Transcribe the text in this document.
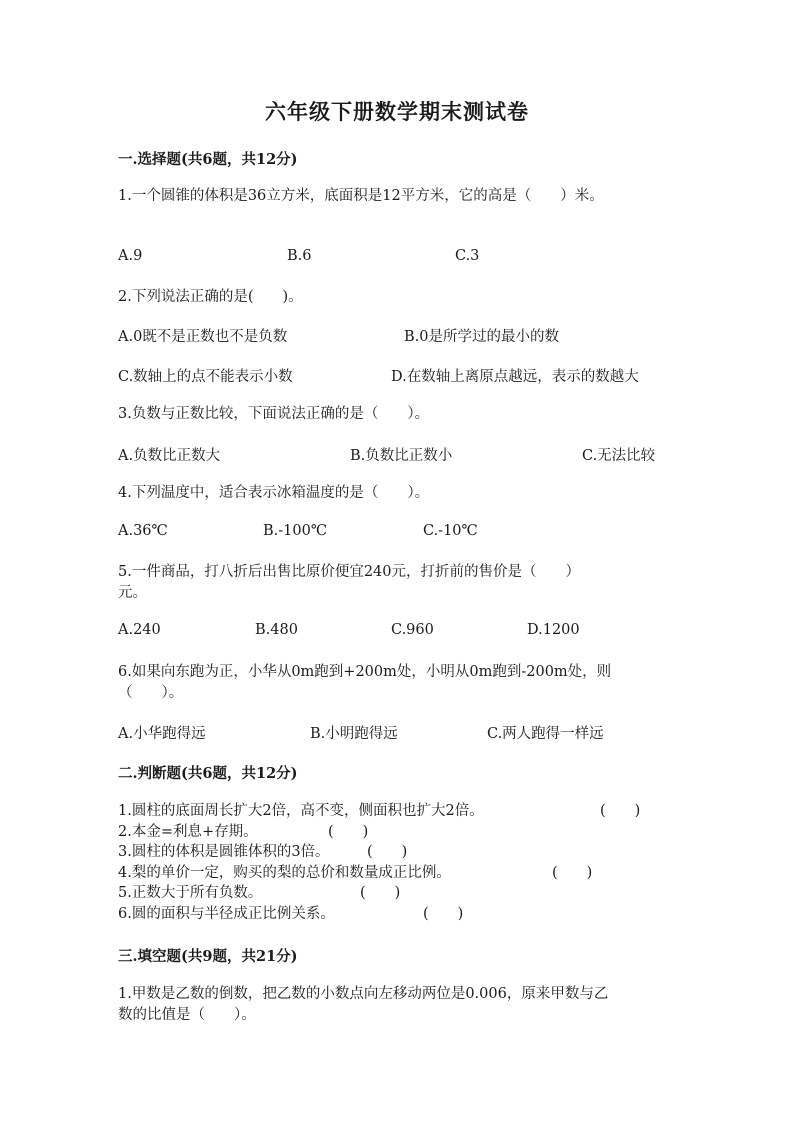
六年级下册数学期末测试卷
一.选择题(共6题，共12分)
1.一个圆锥的体积是36立方米，底面积是12平方米，它的高是（　　）米。
A.9	B.6	C.3
2.下列说法正确的是(　　)。
A.0既不是正数也不是负数	B.0是所学过的最小的数
C.数轴上的点不能表示小数	D.在数轴上离原点越远，表示的数越大
3.负数与正数比较，下面说法正确的是（　　）。
A.负数比正数大	B.负数比正数小	C.无法比较
4.下列温度中，适合表示冰箱温度的是（　　）。
A.36℃	B.-100℃	C.-10℃
5.一件商品，打八折后出售比原价便宜240元，打折前的售价是（　　）
元。
A.240	B.480	C.960	D.1200
6.如果向东跑为正，小华从0m跑到+200m处，小明从0m跑到-200m处，则
（　　）。
A.小华跑得远	B.小明跑得远	C.两人跑得一样远
二.判断题(共6题，共12分)
1.圆柱的底面周长扩大2倍，高不变，侧面积也扩大2倍。	(　　)
2.本金=利息+存期。	(　　)
3.圆柱的体积是圆锥体积的3倍。	(　　)
4.梨的单价一定，购买的梨的总价和数量成正比例。	(　　)
5.正数大于所有负数。	(　　)
6.圆的面积与半径成正比例关系。	(　　)
三.填空题(共9题，共21分)
1.甲数是乙数的倒数，把乙数的小数点向左移动两位是0.006，原来甲数与乙
数的比值是（　　）。
